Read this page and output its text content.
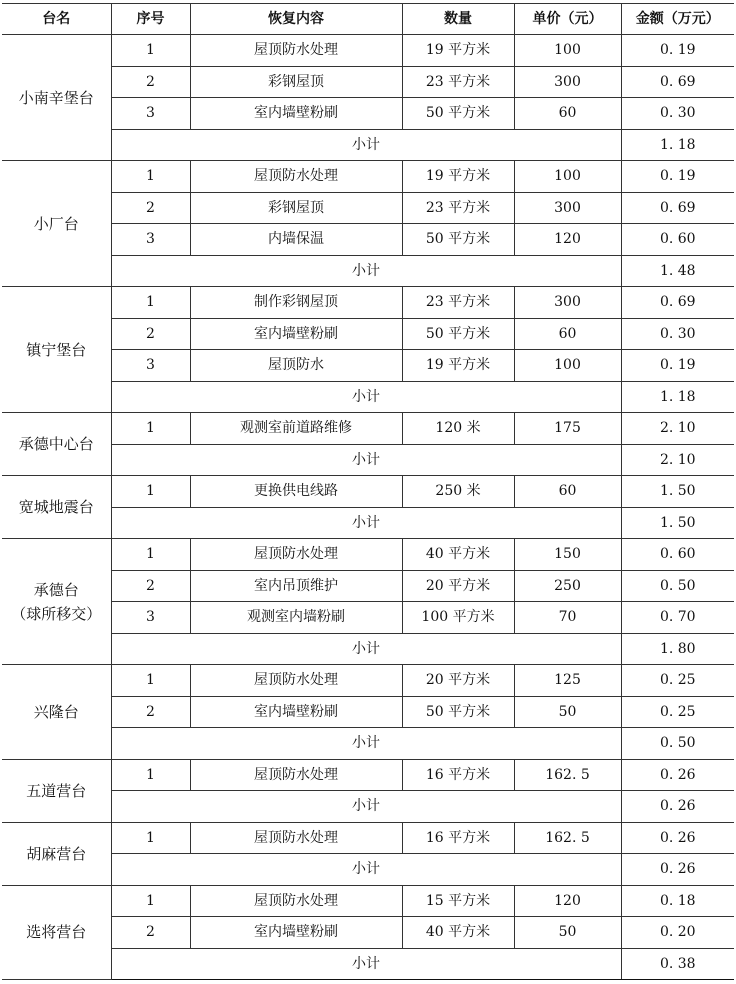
台名	序号	恢复内容	数量	单价（元）	金额（万元）

小南辛堡台	1	屋顶防水处理	19 平方米	100	0. 19
	2	彩钢屋顶	23 平方米	300	0. 69
	3	室内墙壁粉刷	50 平方米	60	0. 30
	小计				1. 18

小厂台	1	屋顶防水处理	19 平方米	100	0. 19
	2	彩钢屋顶	23 平方米	300	0. 69
	3	内墙保温	50 平方米	120	0. 60
	小计				1. 48

镇宁堡台	1	制作彩钢屋顶	23 平方米	300	0. 69
	2	室内墙壁粉刷	50 平方米	60	0. 30
	3	屋顶防水	19 平方米	100	0. 19
	小计				1. 18

承德中心台	1	观测室前道路维修	120 米	175	2. 10
	小计				2. 10

宽城地震台	1	更换供电线路	250 米	60	1. 50
	小计				1. 50

承德台
（球所移交）	1	屋顶防水处理	40 平方米	150	0. 60
	2	室内吊顶维护	20 平方米	250	0. 50
	3	观测室内墙粉刷	100 平方米	70	0. 70
	小计				1. 80

兴隆台	1	屋顶防水处理	20 平方米	125	0. 25
	2	室内墙壁粉刷	50 平方米	50	0. 25
	小计				0. 50

五道营台	1	屋顶防水处理	16 平方米	162. 5	0. 26
	小计				0. 26

胡麻营台	1	屋顶防水处理	16 平方米	162. 5	0. 26
	小计				0. 26

选将营台	1	屋顶防水处理	15 平方米	120	0. 18
	2	室内墙壁粉刷	40 平方米	50	0. 20
	小计				0. 38
